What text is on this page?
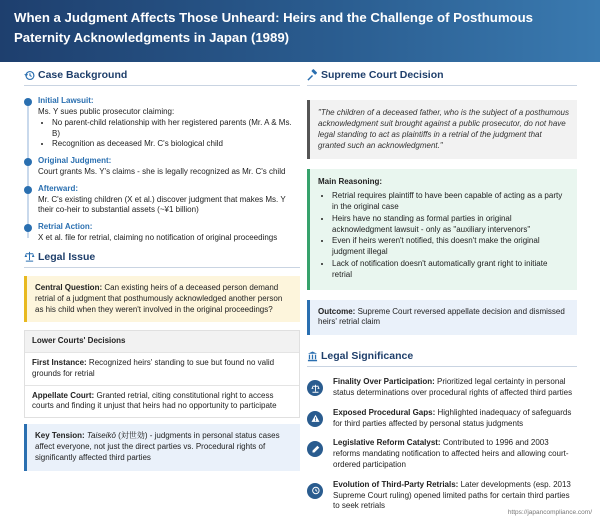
When a Judgment Affects Those Unheard: Heirs and the Challenge of Posthumous Paternity Acknowledgments in Japan (1989)
Case Background
Initial Lawsuit:
Ms. Y sues public prosecutor claiming:
• No parent-child relationship with her registered parents (Mr. A & Ms. B)
• Recognition as deceased Mr. C's biological child
Original Judgment:
Court grants Ms. Y's claims - she is legally recognized as Mr. C's child
Afterward:
Mr. C's existing children (X et al.) discover judgment that makes Ms. Y their co-heir to substantial assets (~¥1 billion)
Retrial Action:
X et al. file for retrial, claiming no notification of original proceedings
Legal Issue
Central Question: Can existing heirs of a deceased person demand retrial of a judgment that posthumously acknowledged another person as his child when they weren't involved in the original proceedings?
Lower Courts' Decisions
First Instance: Recognized heirs' standing to sue but found no valid grounds for retrial
Appellate Court: Granted retrial, citing constitutional right to access courts and finding it unjust that heirs had no opportunity to participate
Key Tension: Taiseikō (対世効) - judgments in personal status cases affect everyone, not just the direct parties vs. Procedural rights of significantly affected third parties
Supreme Court Decision
"The children of a deceased father, who is the subject of a posthumous acknowledgment suit brought against a public prosecutor, do not have legal standing to act as plaintiffs in a retrial of the judgment that granted such an acknowledgment."
Main Reasoning:
• Retrial requires plaintiff to have been capable of acting as a party in the original case
• Heirs have no standing as formal parties in original acknowledgment lawsuit - only as "auxiliary intervenors"
• Even if heirs weren't notified, this doesn't make the original judgment illegal
• Lack of notification doesn't automatically grant right to initiate retrial
Outcome: Supreme Court reversed appellate decision and dismissed heirs' retrial claim
Legal Significance
Finality Over Participation: Prioritized legal certainty in personal status determinations over procedural rights of affected third parties
Exposed Procedural Gaps: Highlighted inadequacy of safeguards for third parties affected by personal status judgments
Legislative Reform Catalyst: Contributed to 1996 and 2003 reforms mandating notification to affected heirs and allowing court-ordered participation
Evolution of Third-Party Retrials: Later developments (esp. 2013 Supreme Court ruling) opened limited paths for certain third parties to seek retrials
https://japancompliance.com/
